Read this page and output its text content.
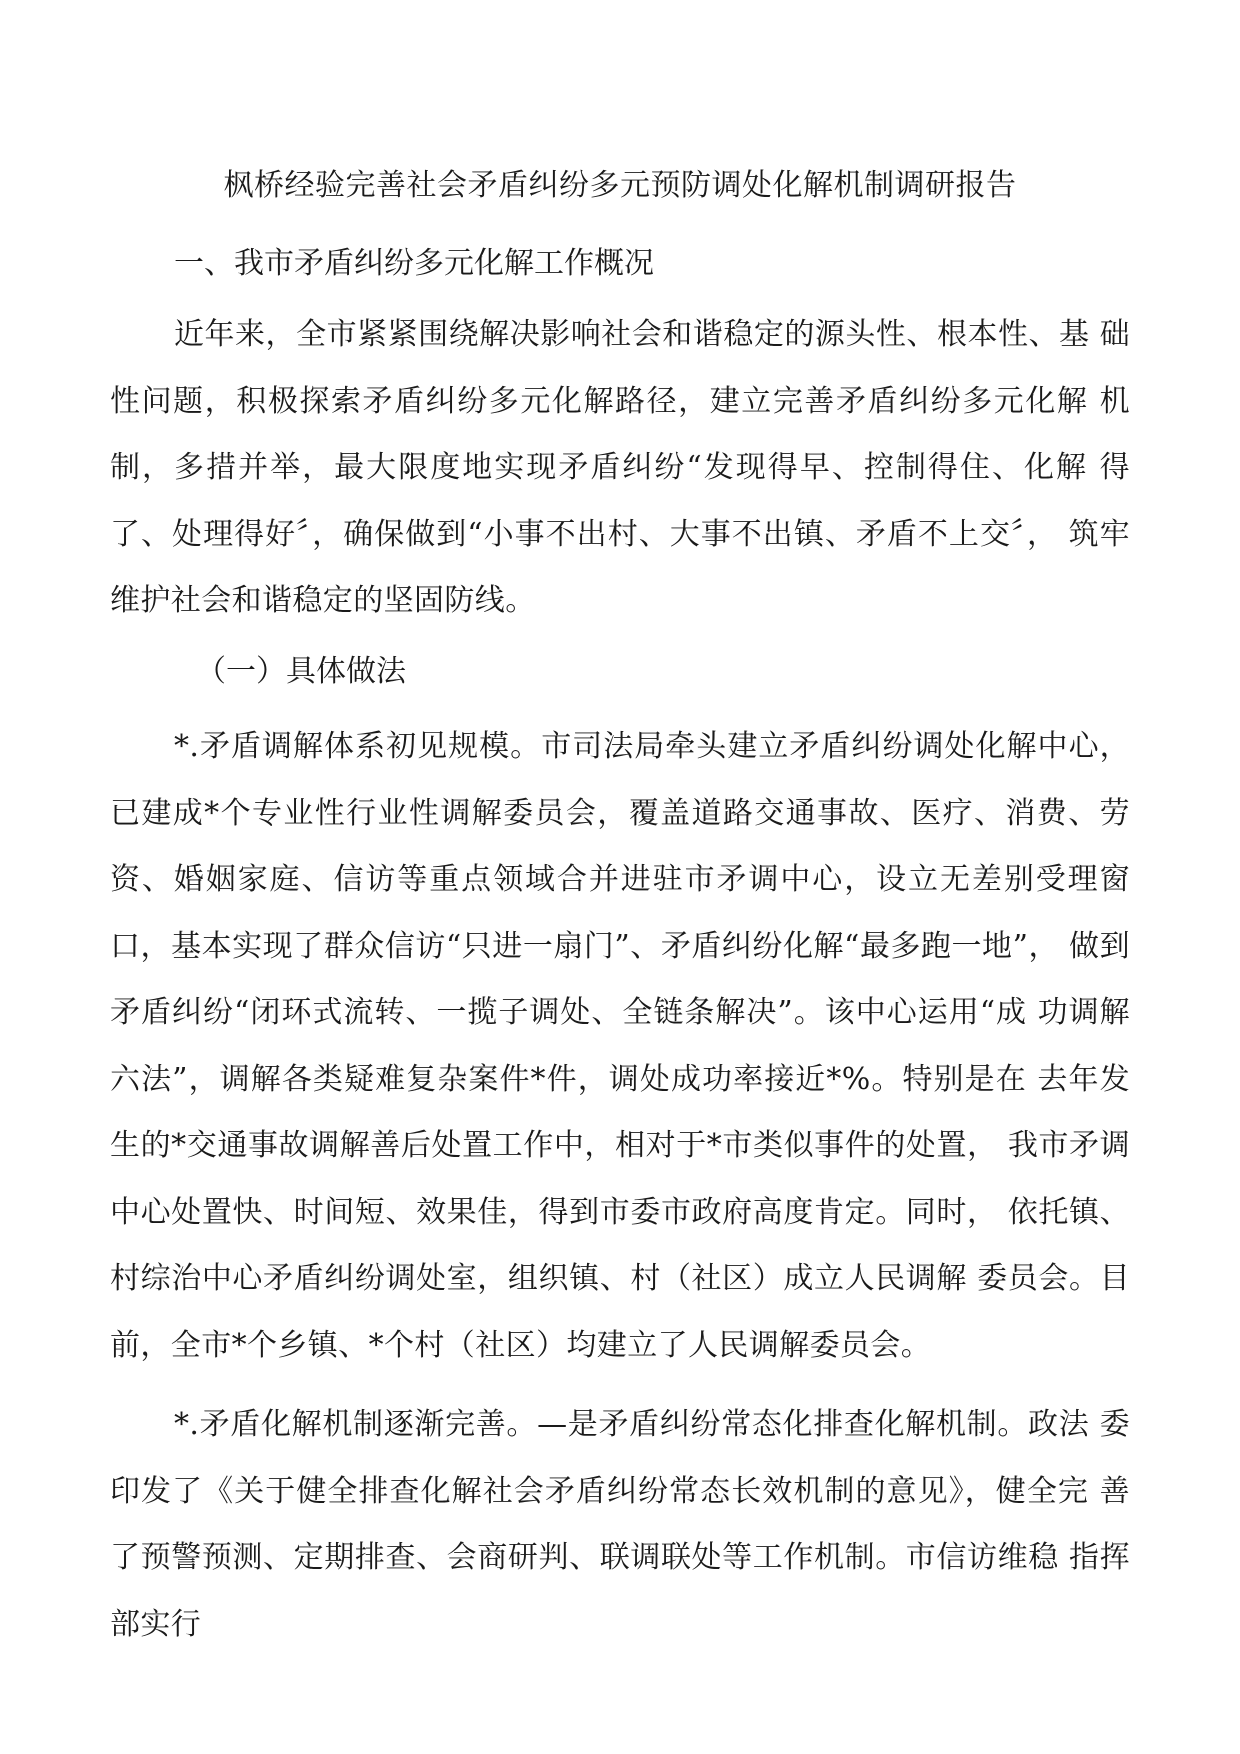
枫桥经验完善社会矛盾纠纷多元预防调处化解机制调研报告
一、我市矛盾纠纷多元化解工作概况
近年来，全市紧紧围绕解决影响社会和谐稳定的源头性、根本性、基 础性问题，积极探索矛盾纠纷多元化解路径，建立完善矛盾纠纷多元化解 机制，多措并举，最大限度地实现矛盾纠纷“发现得早、控制得住、化解 得了、处理得好〞，确保做到“小事不出村、大事不出镇、矛盾不上交〞， 筑牢维护社会和谐稳定的坚固防线。
（一）具体做法
*.矛盾调解体系初见规模。市司法局牵头建立矛盾纠纷调处化解中心， 已建成*个专业性行业性调解委员会，覆盖道路交通事故、医疗、消费、劳 资、婚姻家庭、信访等重点领域合并进驻市矛调中心，设立无差别受理窗 口，基本实现了群众信访“只进一扇门”、矛盾纠纷化解“最多跑一地”， 做到矛盾纠纷“闭环式流转、一揽子调处、全链条解决”。该中心运用“成 功调解六法”，调解各类疑难复杂案件*件，调处成功率接近*%。特别是在 去年发生的*交通事故调解善后处置工作中，相对于*市类似事件的处置， 我市矛调中心处置快、时间短、效果佳，得到市委市政府高度肯定。同时， 依托镇、村综治中心矛盾纠纷调处室，组织镇、村（社区）成立人民调解 委员会。目前，全市*个乡镇、*个村（社区）均建立了人民调解委员会。
*.矛盾化解机制逐渐完善。—是矛盾纠纷常态化排查化解机制。政法 委印发了《关于健全排查化解社会矛盾纠纷常态长效机制的意见》，健全完 善了预警预测、定期排查、会商研判、联调联处等工作机制。市信访维稳 指挥部实行
